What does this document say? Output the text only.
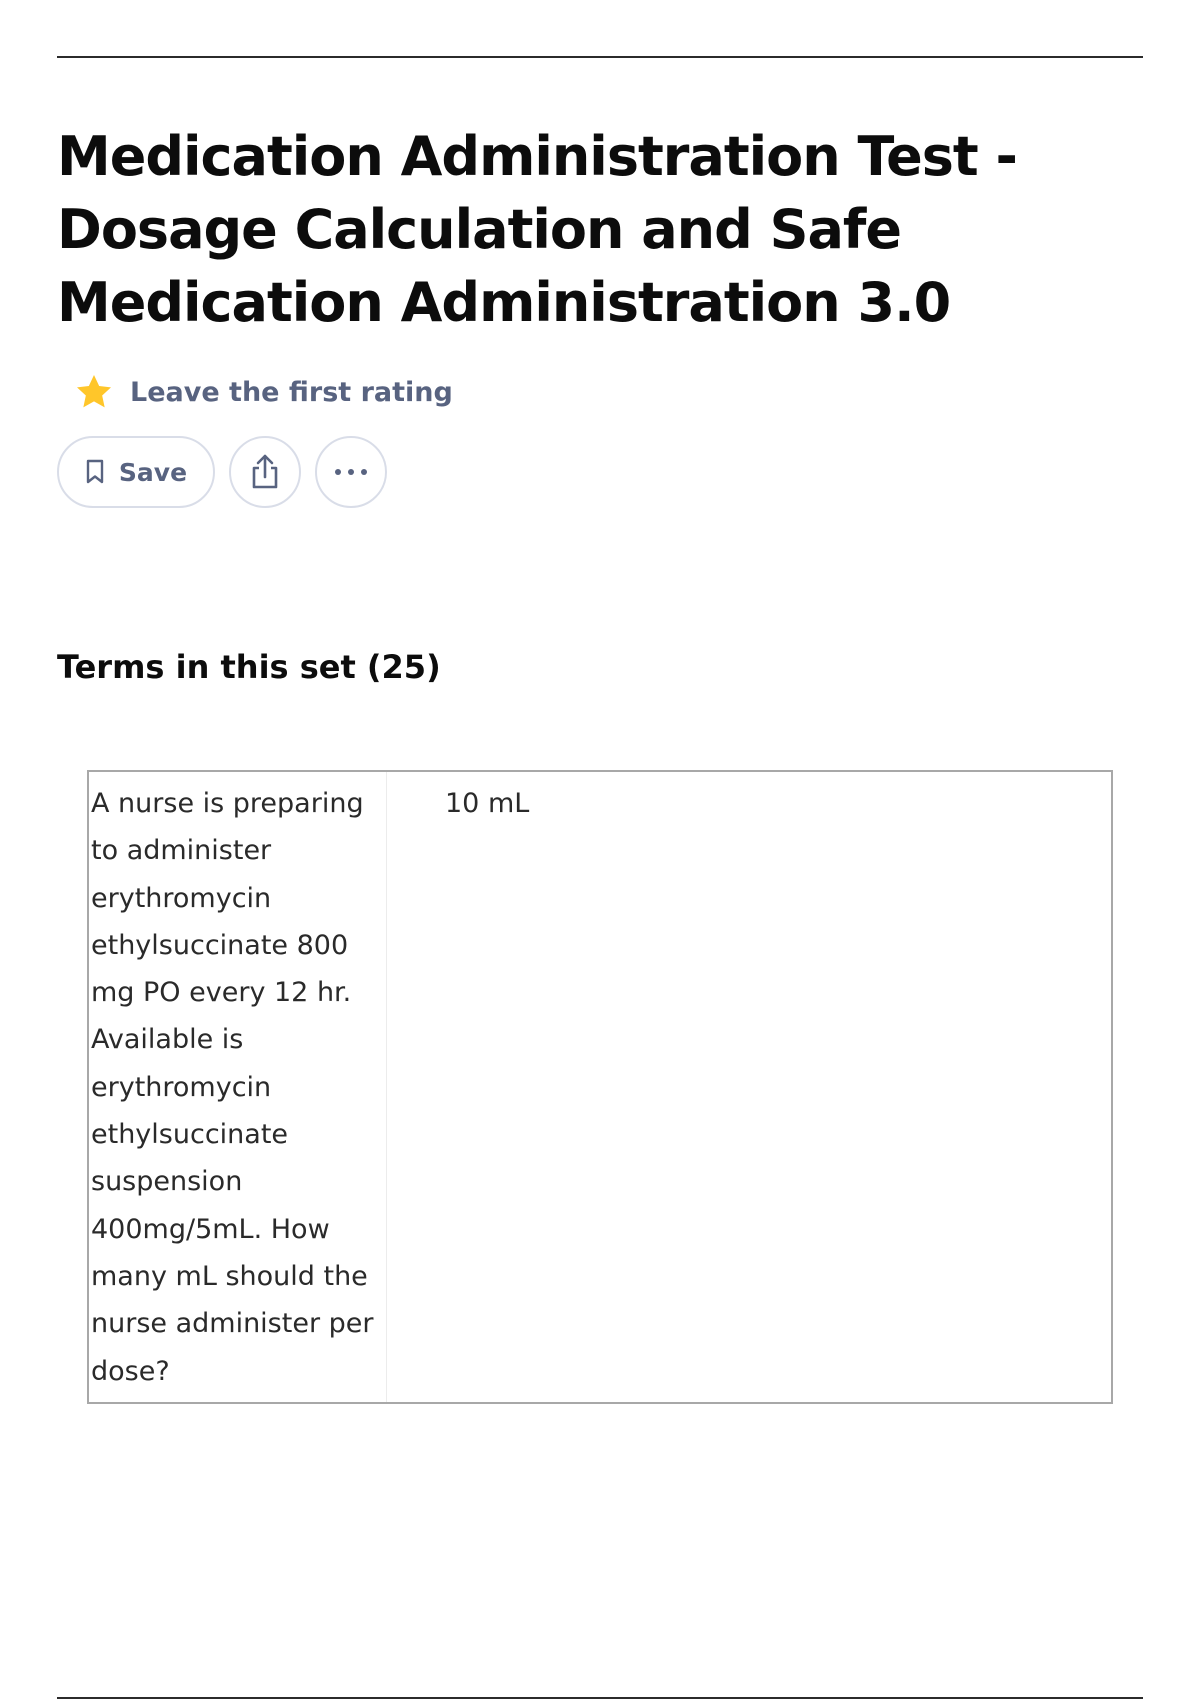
Medication Administration Test - Dosage Calculation and Safe Medication Administration 3.0
Leave the first rating
Save
Terms in this set (25)

A nurse is preparing to administer erythromycin ethylsuccinate 800 mg PO every 12 hr. Available is erythromycin ethylsuccinate suspension 400mg/5mL. How many mL should the nurse administer per dose?

10 mL
